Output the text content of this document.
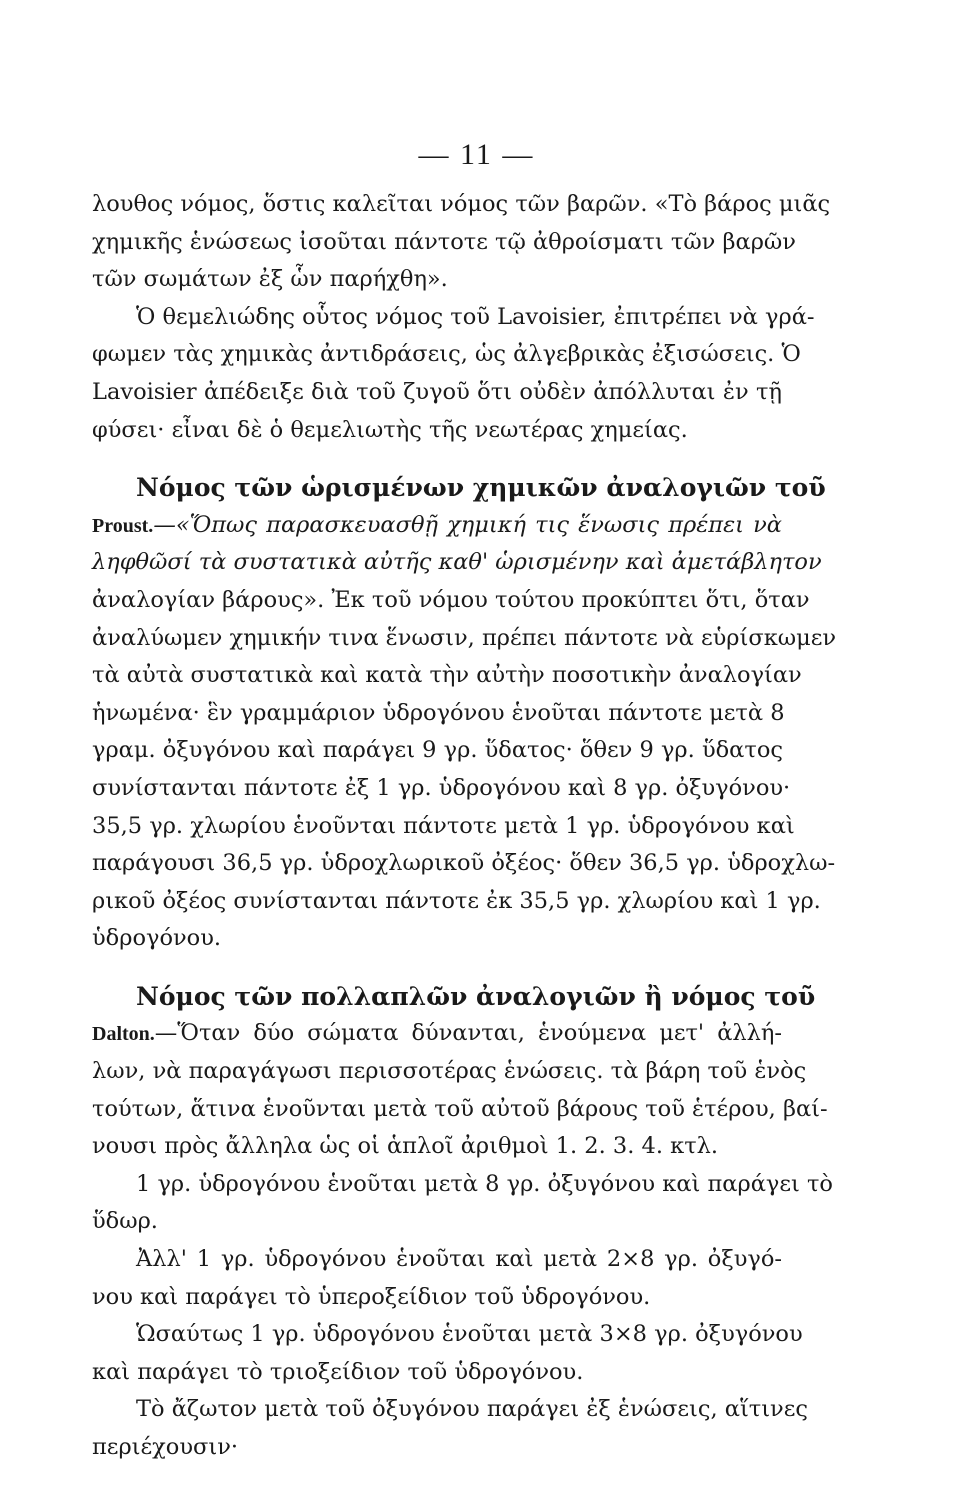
— 11 —
λουθος νόμος, ὅστις καλεῖται νόμος τῶν βαρῶν. «Τὸ βάρος μιᾶς
χημικῆς ἑνώσεως ἰσοῦται πάντοτε τῷ ἀθροίσματι τῶν βαρῶν
τῶν σωμάτων ἐξ ὧν παρήχθη».
Ὁ θεμελιώδης οὗτος νόμος τοῦ Lavoisier, ἐπιτρέπει νὰ γρά-
φωμεν τὰς χημικὰς ἀντιδράσεις, ὡς ἀλγεβρικὰς ἐξισώσεις. Ὁ
Lavoisier ἀπέδειξε διὰ τοῦ ζυγοῦ ὅτι οὐδὲν ἀπόλλυται ἐν τῇ
φύσει· εἶναι δὲ ὁ θεμελιωτὴς τῆς νεωτέρας χημείας.
Νόμος τῶν ὡρισμένων χημικῶν ἀναλογιῶν τοῦ
Proust.—«Ὅπως παρασκευασθῇ χημική τις ἕνωσις πρέπει νὰ
ληφθῶσί τὰ συστατικὰ αὐτῆς καθ' ὡρισμένην καὶ ἀμετάβλητον
ἀναλογίαν βάρους». Ἐκ τοῦ νόμου τούτου προκύπτει ὅτι, ὅταν
ἀναλύωμεν χημικήν τινα ἕνωσιν, πρέπει πάντοτε νὰ εὑρίσκωμεν
τὰ αὐτὰ συστατικὰ καὶ κατὰ τὴν αὐτὴν ποσοτικὴν ἀναλογίαν
ἡνωμένα· ἓν γραμμάριον ὑδρογόνου ἑνοῦται πάντοτε μετὰ 8
γραμ. ὀξυγόνου καὶ παράγει 9 γρ. ὕδατος· ὅθεν 9 γρ. ὕδατος
συνίστανται πάντοτε ἐξ 1 γρ. ὑδρογόνου καὶ 8 γρ. ὀξυγόνου·
35,5 γρ. χλωρίου ἑνοῦνται πάντοτε μετὰ 1 γρ. ὑδρογόνου καὶ
παράγουσι 36,5 γρ. ὑδροχλωρικοῦ ὀξέος· ὅθεν 36,5 γρ. ὑδροχλω-
ρικοῦ ὀξέος συνίστανται πάντοτε ἐκ 35,5 γρ. χλωρίου καὶ 1 γρ.
ὑδρογόνου.
Νόμος τῶν πολλαπλῶν ἀναλογιῶν ἢ νόμος τοῦ
Dalton.—Ὅταν δύο σώματα δύνανται, ἑνούμενα μετ' ἀλλή-
λων, νὰ παραγάγωσι περισσοτέρας ἑνώσεις. τὰ βάρη τοῦ ἑνὸς
τούτων, ἅτινα ἑνοῦνται μετὰ τοῦ αὐτοῦ βάρους τοῦ ἑτέρου, βαί-
νουσι πρὸς ἄλληλα ὡς οἱ ἁπλοῖ ἀριθμοὶ 1. 2. 3. 4. κτλ.
1 γρ. ὑδρογόνου ἑνοῦται μετὰ 8 γρ. ὀξυγόνου καὶ παράγει τὸ
ὕδωρ.
Ἀλλ' 1 γρ. ὑδρογόνου ἑνοῦται καὶ μετὰ 2×8 γρ. ὀξυγό-
νου καὶ παράγει τὸ ὑπεροξείδιον τοῦ ὑδρογόνου.
Ὡσαύτως 1 γρ. ὑδρογόνου ἑνοῦται μετὰ 3×8 γρ. ὀξυγόνου
καὶ παράγει τὸ τριοξείδιον τοῦ ὑδρογόνου.
Τὸ ἄζωτον μετὰ τοῦ ὀξυγόνου παράγει ἐξ ἑνώσεις, αἵτινες
περιέχουσιν·
